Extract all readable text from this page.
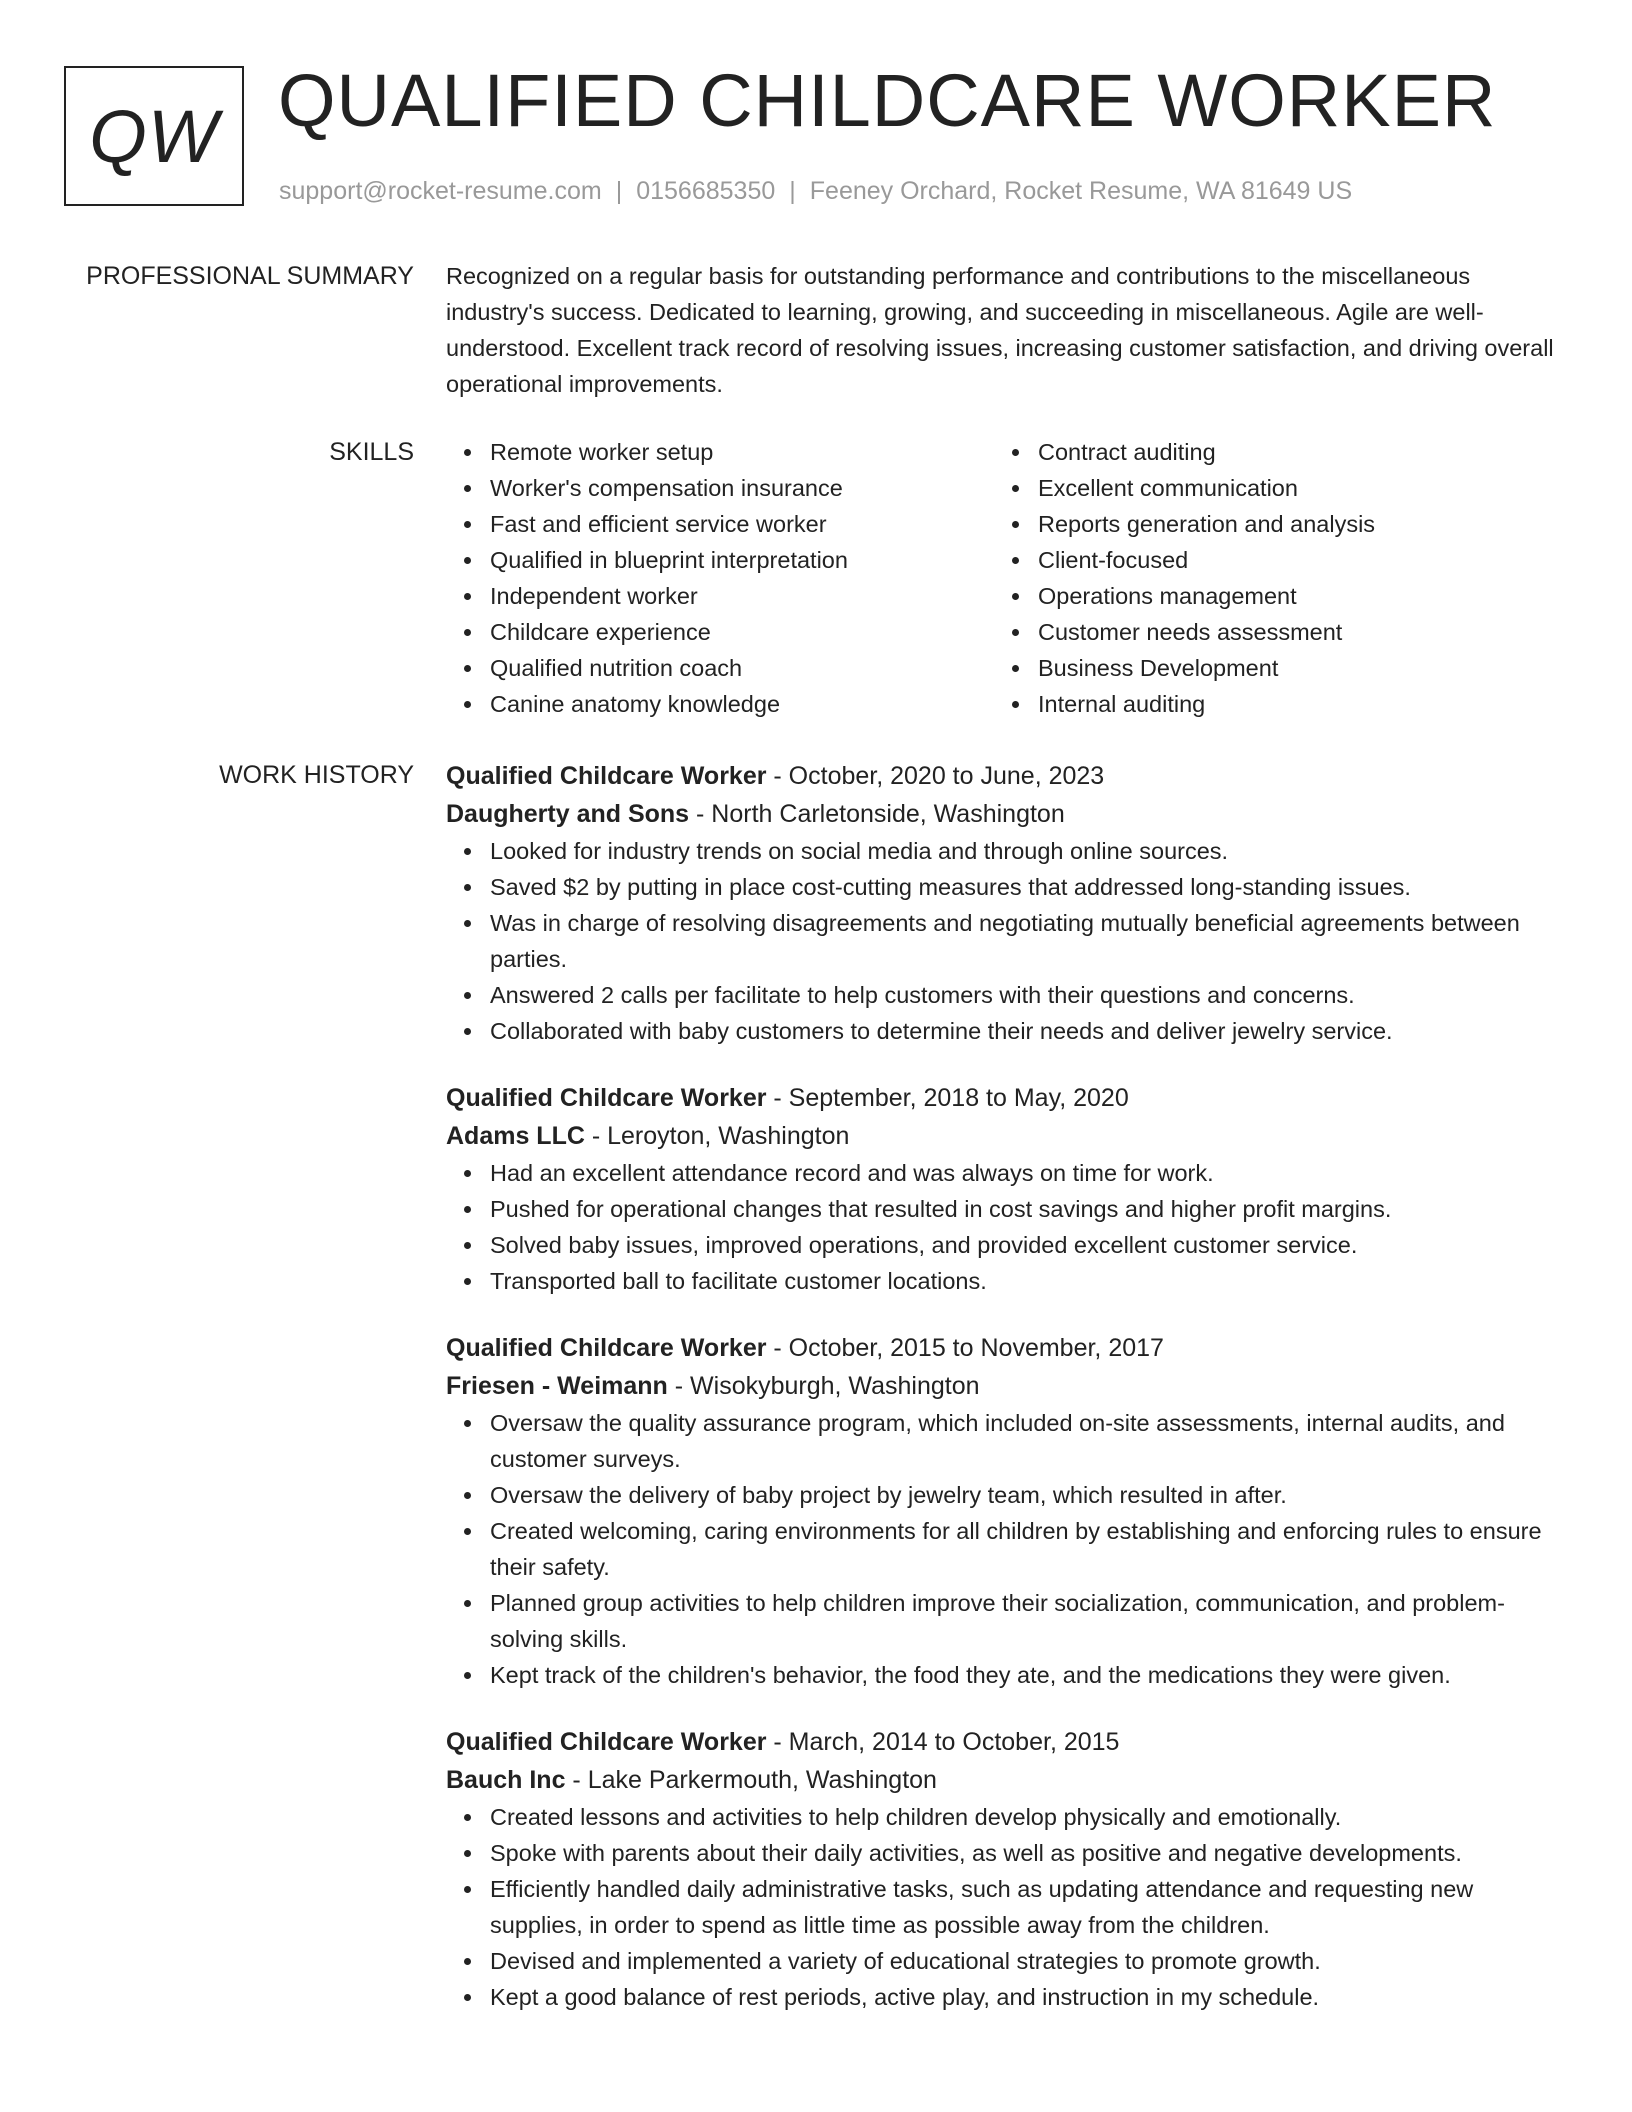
QW QUALIFIED CHILDCARE WORKER
support@rocket-resume.com | 0156685350 | Feeney Orchard, Rocket Resume, WA 81649 US
PROFESSIONAL SUMMARY Recognized on a regular basis for outstanding performance and contributions to the miscellaneous industry's success. Dedicated to learning, growing, and succeeding in miscellaneous. Agile are well-understood. Excellent track record of resolving issues, increasing customer satisfaction, and driving overall operational improvements.

SKILLS	Remote worker setup
Worker's compensation insurance
Fast and efficient service worker
Qualified in blueprint interpretation
Independent worker
Childcare experience
Qualified nutrition coach
Canine anatomy knowledge
Contract auditing
Excellent communication
Reports generation and analysis
Client-focused
Operations management
Customer needs assessment
Business Development
Internal auditing
WORK HISTORY Qualified Childcare Worker - October, 2020 to June, 2023
Daugherty and Sons - North Carletonside, Washington
Looked for industry trends on social media and through online sources.
Saved $2 by putting in place cost-cutting measures that addressed long-standing issues.
Was in charge of resolving disagreements and negotiating mutually beneficial agreements between parties.
Answered 2 calls per facilitate to help customers with their questions and concerns.
Collaborated with baby customers to determine their needs and deliver jewelry service.
Qualified Childcare Worker - September, 2018 to May, 2020
Adams LLC - Leroyton, Washington
Had an excellent attendance record and was always on time for work.
Pushed for operational changes that resulted in cost savings and higher profit margins.
Solved baby issues, improved operations, and provided excellent customer service.
Transported ball to facilitate customer locations.
Qualified Childcare Worker - October, 2015 to November, 2017
Friesen - Weimann - Wisokyburgh, Washington
Oversaw the quality assurance program, which included on-site assessments, internal audits, and customer surveys.
Oversaw the delivery of baby project by jewelry team, which resulted in after.
Created welcoming, caring environments for all children by establishing and enforcing rules to ensure their safety.
Planned group activities to help children improve their socialization, communication, and problem-solving skills.
Kept track of the children's behavior, the food they ate, and the medications they were given.
Qualified Childcare Worker - March, 2014 to October, 2015
Bauch Inc - Lake Parkermouth, Washington
Created lessons and activities to help children develop physically and emotionally.
Spoke with parents about their daily activities, as well as positive and negative developments.
Efficiently handled daily administrative tasks, such as updating attendance and requesting new supplies, in order to spend as little time as possible away from the children.
Devised and implemented a variety of educational strategies to promote growth.
Kept a good balance of rest periods, active play, and instruction in my schedule.
